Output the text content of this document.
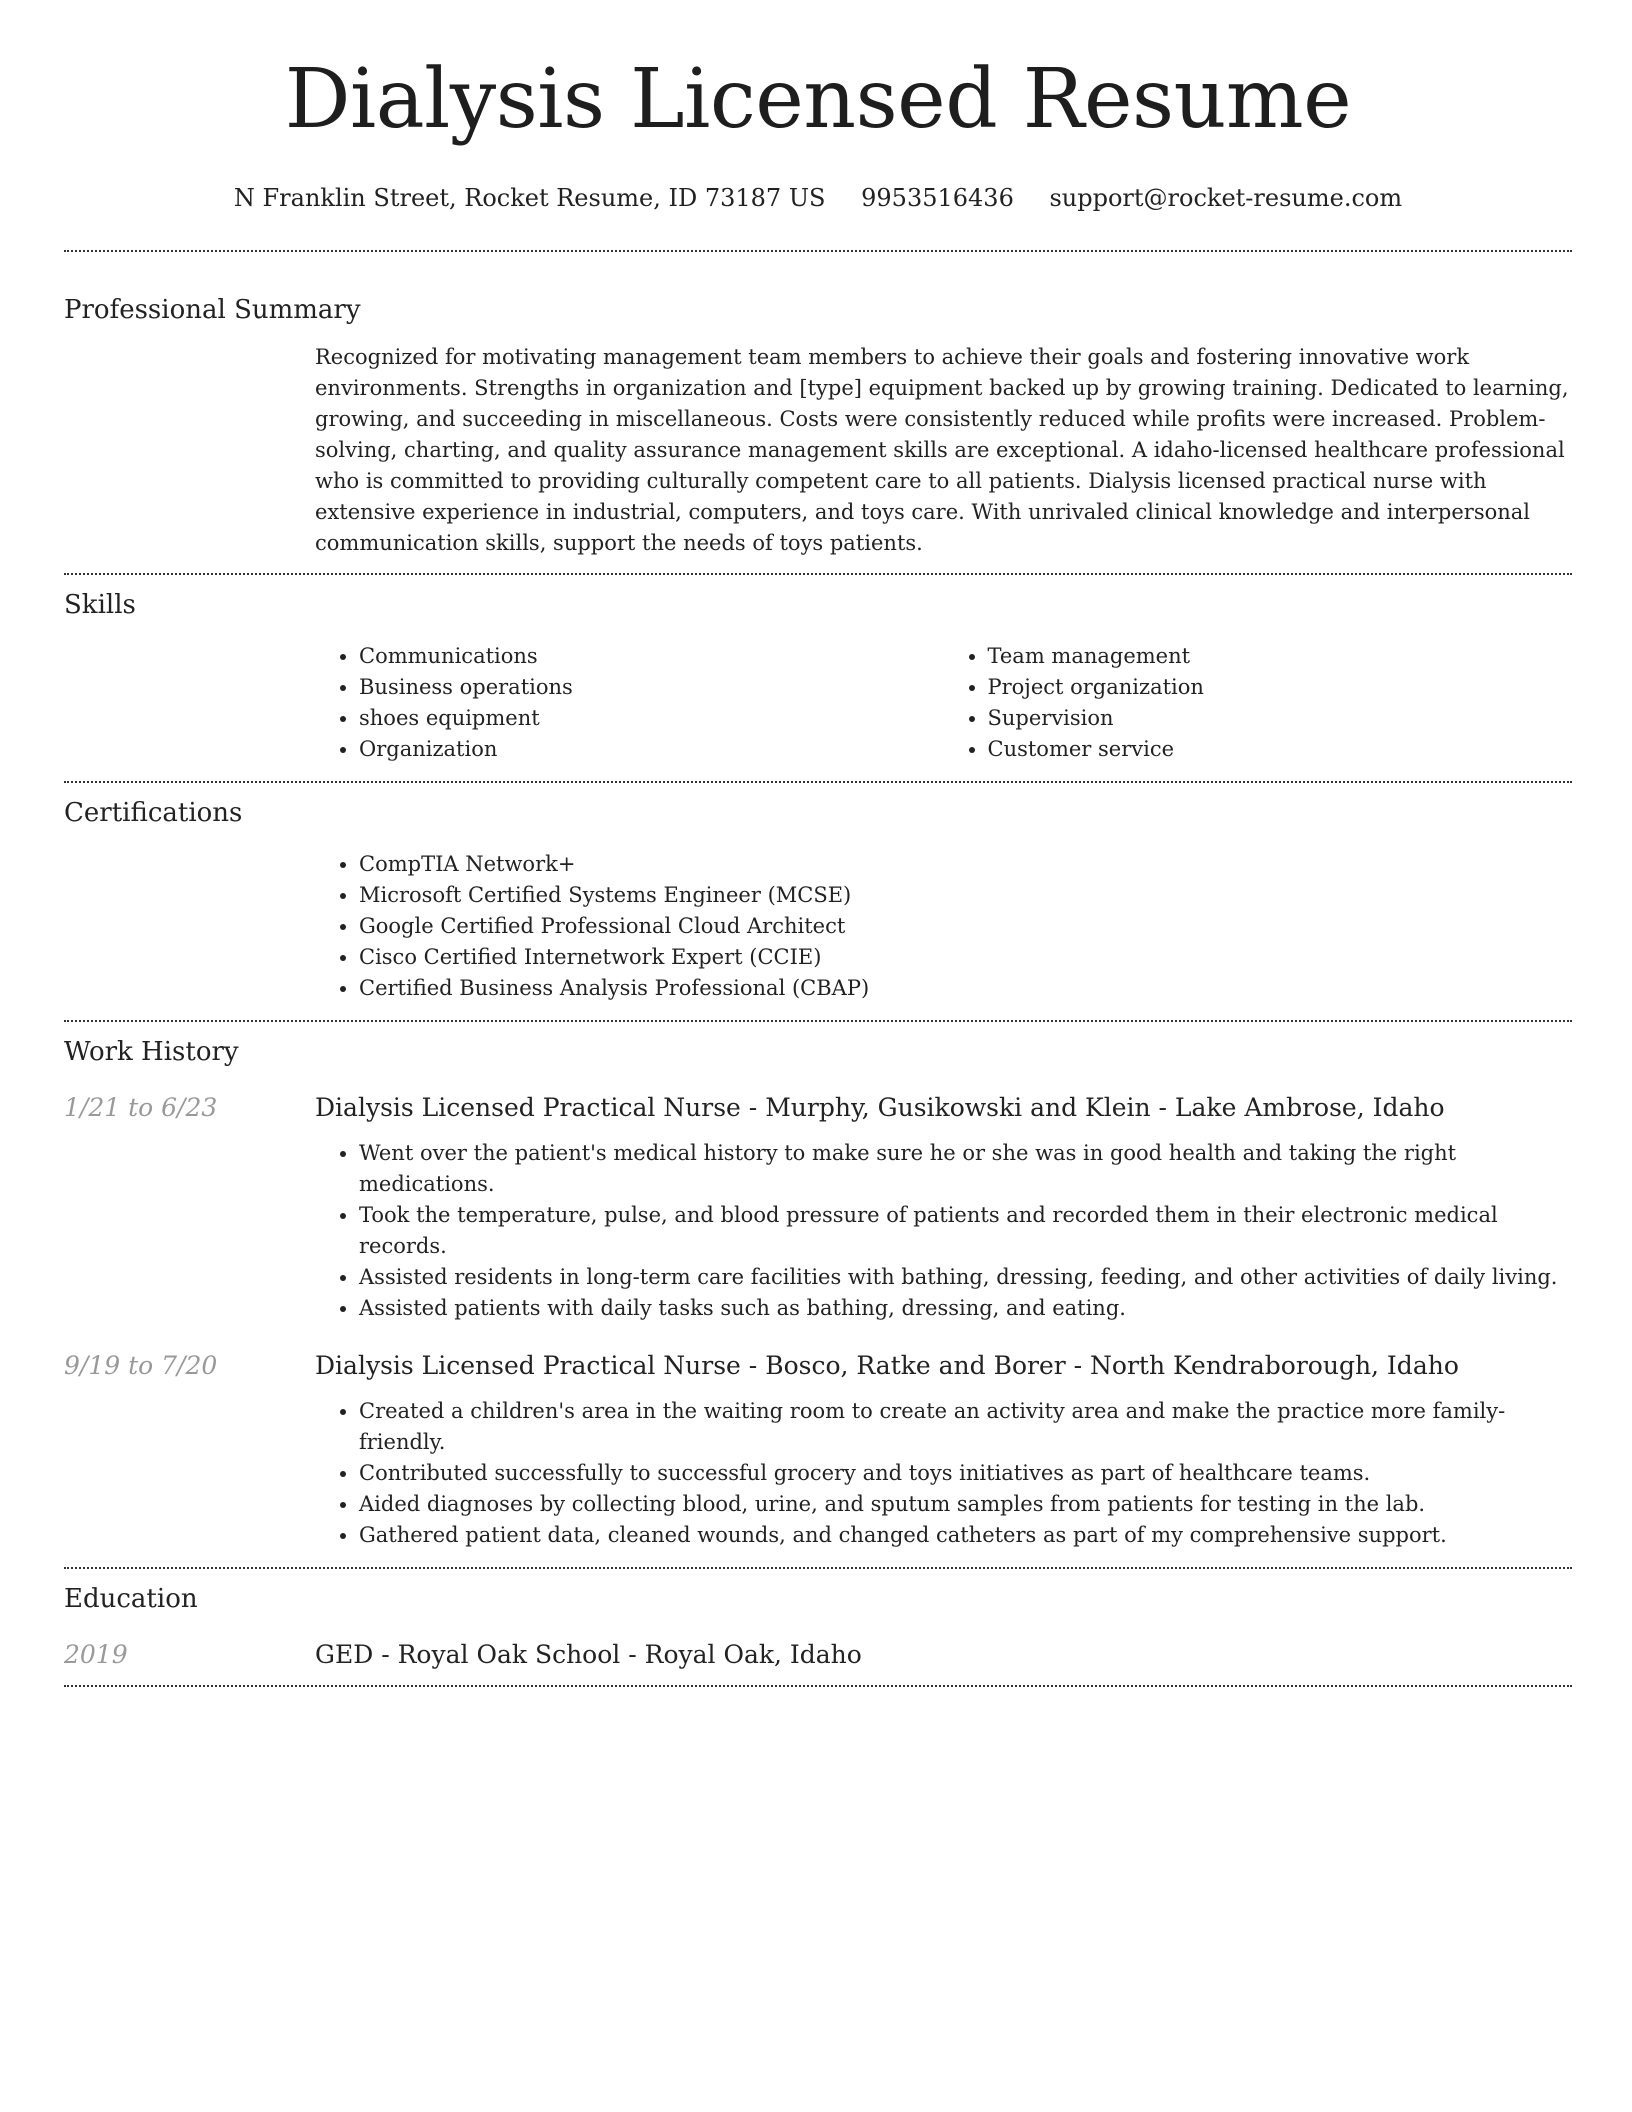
Dialysis Licensed Resume
N Franklin Street, Rocket Resume, ID 73187 US 9953516436 support@rocket-resume.com
Professional Summary

Recognized for motivating management team members to achieve their goals and fostering innovative work environments. Strengths in organization and [type] equipment backed up by growing training. Dedicated to learning, growing, and succeeding in miscellaneous. Costs were consistently reduced while profits were increased. Problem-solving, charting, and quality assurance management skills are exceptional. A idaho-licensed healthcare professional who is committed to providing culturally competent care to all patients. Dialysis licensed practical nurse with extensive experience in industrial, computers, and toys care. With unrivaled clinical knowledge and interpersonal communication skills, support the needs of toys patients.

Skills
• Communications
• Business operations
• shoes equipment
• Organization
• Team management
• Project organization
• Supervision
• Customer service
Certifications
• CompTIA Network+
• Microsoft Certified Systems Engineer (MCSE)
• Google Certified Professional Cloud Architect
• Cisco Certified Internetwork Expert (CCIE)
• Certified Business Analysis Professional (CBAP)
Work History
1/21 to 6/23	Dialysis Licensed Practical Nurse - Murphy, Gusikowski and Klein - Lake Ambrose, Idaho
• Went over the patient's medical history to make sure he or she was in good health and taking the right medications.
• Took the temperature, pulse, and blood pressure of patients and recorded them in their electronic medical records.
• Assisted residents in long-term care facilities with bathing, dressing, feeding, and other activities of daily living.
• Assisted patients with daily tasks such as bathing, dressing, and eating.
9/19 to 7/20	Dialysis Licensed Practical Nurse - Bosco, Ratke and Borer - North Kendraborough, Idaho
• Created a children's area in the waiting room to create an activity area and make the practice more family-friendly.
• Contributed successfully to successful grocery and toys initiatives as part of healthcare teams.
• Aided diagnoses by collecting blood, urine, and sputum samples from patients for testing in the lab.
• Gathered patient data, cleaned wounds, and changed catheters as part of my comprehensive support.
Education
2019	GED - Royal Oak School - Royal Oak, Idaho
